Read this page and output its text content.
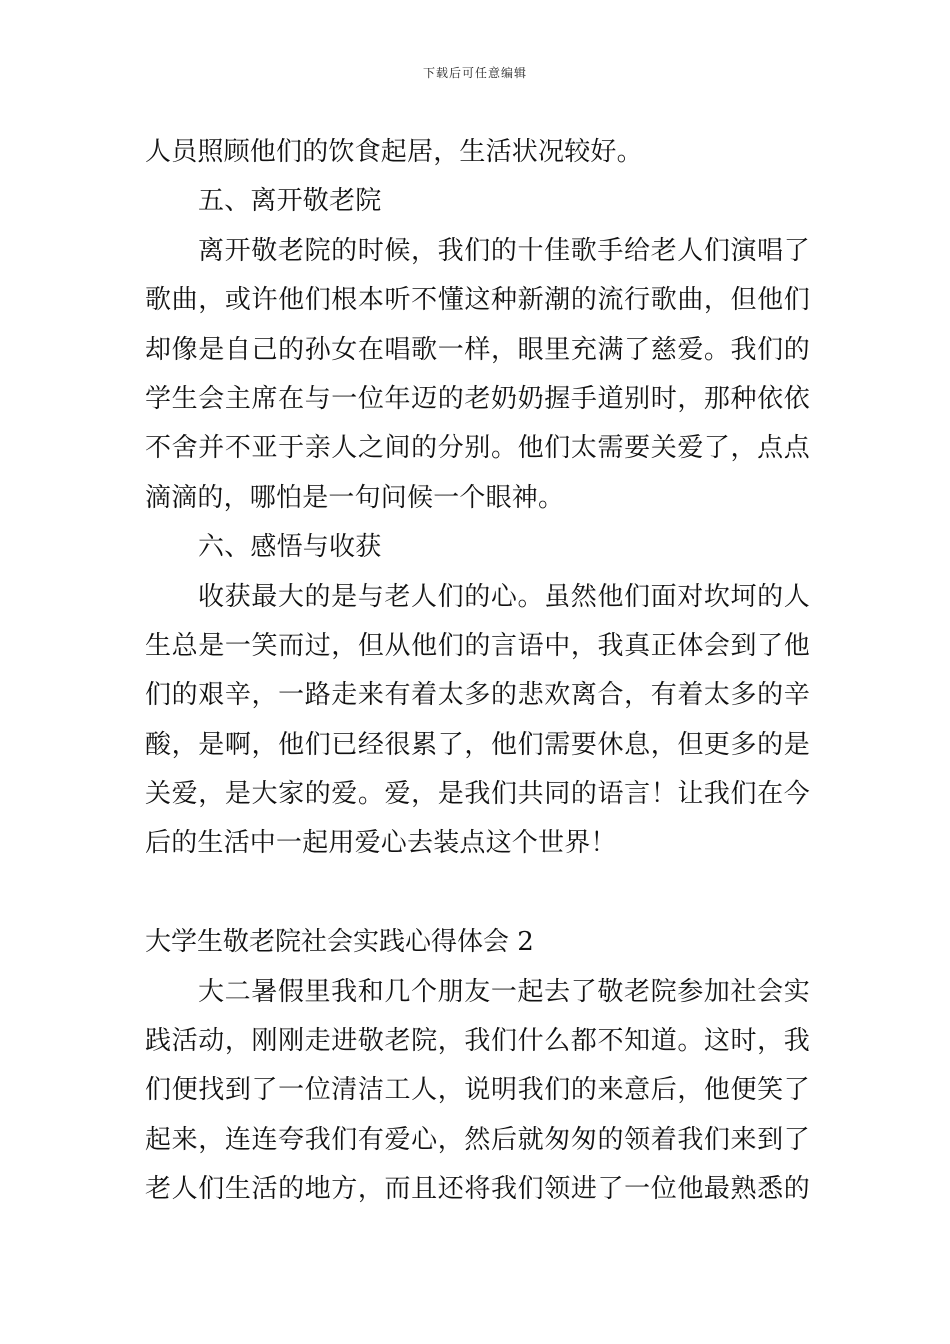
下载后可任意编辑
人员照顾他们的饮食起居，生活状况较好。
五、离开敬老院
离开敬老院的时候，我们的十佳歌手给老人们演唱了
歌曲，或许他们根本听不懂这种新潮的流行歌曲，但他们
却像是自己的孙女在唱歌一样，眼里充满了慈爱。我们的
学生会主席在与一位年迈的老奶奶握手道别时，那种依依
不舍并不亚于亲人之间的分别。他们太需要关爱了，点点
滴滴的，哪怕是一句问候一个眼神。
六、感悟与收获
收获最大的是与老人们的心。虽然他们面对坎坷的人
生总是一笑而过，但从他们的言语中，我真正体会到了他
们的艰辛，一路走来有着太多的悲欢离合，有着太多的辛
酸，是啊，他们已经很累了，他们需要休息，但更多的是
关爱，是大家的爱。爱，是我们共同的语言！让我们在今
后的生活中一起用爱心去装点这个世界！
大学生敬老院社会实践心得体会 2
大二暑假里我和几个朋友一起去了敬老院参加社会实
践活动，刚刚走进敬老院，我们什么都不知道。这时，我
们便找到了一位清洁工人，说明我们的来意后，他便笑了
起来，连连夸我们有爱心，然后就匆匆的领着我们来到了
老人们生活的地方，而且还将我们领进了一位他最熟悉的
